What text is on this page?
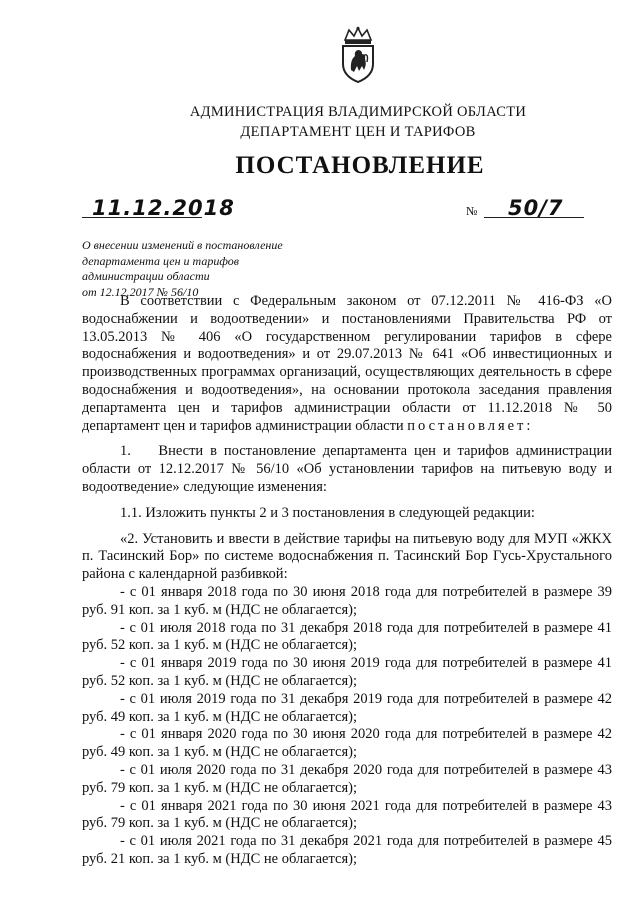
АДМИНИСТРАЦИЯ ВЛАДИМИРСКОЙ ОБЛАСТИ
ДЕПАРТАМЕНТ ЦЕН И ТАРИФОВ
ПОСТАНОВЛЕНИЕ
11.12.2018	№ 50/7
О внесении изменений в постановление
департамента цен и тарифов
администрации области
от 12.12.2017 № 56/10

В соответствии с Федеральным законом от 07.12.2011 № 416-ФЗ «О водоснабжении и водоотведении» и постановлениями Правительства РФ от 13.05.2013 № 406 «О государственном регулировании тарифов в сфере водоснабжения и водоотведения» и от 29.07.2013 № 641 «Об инвестиционных и производственных программах организаций, осуществляющих деятельность в сфере водоснабжения и водоотведения», на основании протокола заседания правления департамента цен и тарифов администрации области от 11.12.2018 № 50 департамент цен и тарифов администрации области постановляет:

1.    Внести в постановление департамента цен и тарифов администрации области от 12.12.2017 № 56/10 «Об установлении тарифов на питьевую воду и водоотведение» следующие изменения:

1.1. Изложить пункты 2 и 3 постановления в следующей редакции:

«2. Установить и ввести в действие тарифы на питьевую воду для МУП «ЖКХ п. Тасинский Бор» по системе водоснабжения п. Тасинский Бор Гусь-Хрустального района с календарной разбивкой:

- с 01 января 2018 года по 30 июня 2018 года для потребителей в размере 39 руб. 91 коп. за 1 куб. м (НДС не облагается);

- с 01 июля 2018 года по 31 декабря 2018 года для потребителей в размере 41 руб. 52 коп. за 1 куб. м (НДС не облагается);

- с 01 января 2019 года по 30 июня 2019 года для потребителей в размере 41 руб. 52 коп. за 1 куб. м (НДС не облагается);

- с 01 июля 2019 года по 31 декабря 2019 года для потребителей в размере 42 руб. 49 коп. за 1 куб. м (НДС не облагается);

- с 01 января 2020 года по 30 июня 2020 года для потребителей в размере 42 руб. 49 коп. за 1 куб. м (НДС не облагается);

- с 01 июля 2020 года по 31 декабря 2020 года для потребителей в размере 43 руб. 79 коп. за 1 куб. м (НДС не облагается);

- с 01 января 2021 года по 30 июня 2021 года для потребителей в размере 43 руб. 79 коп. за 1 куб. м (НДС не облагается);

- с 01 июля 2021 года по 31 декабря 2021 года для потребителей в размере 45 руб. 21 коп. за 1 куб. м (НДС не облагается);
